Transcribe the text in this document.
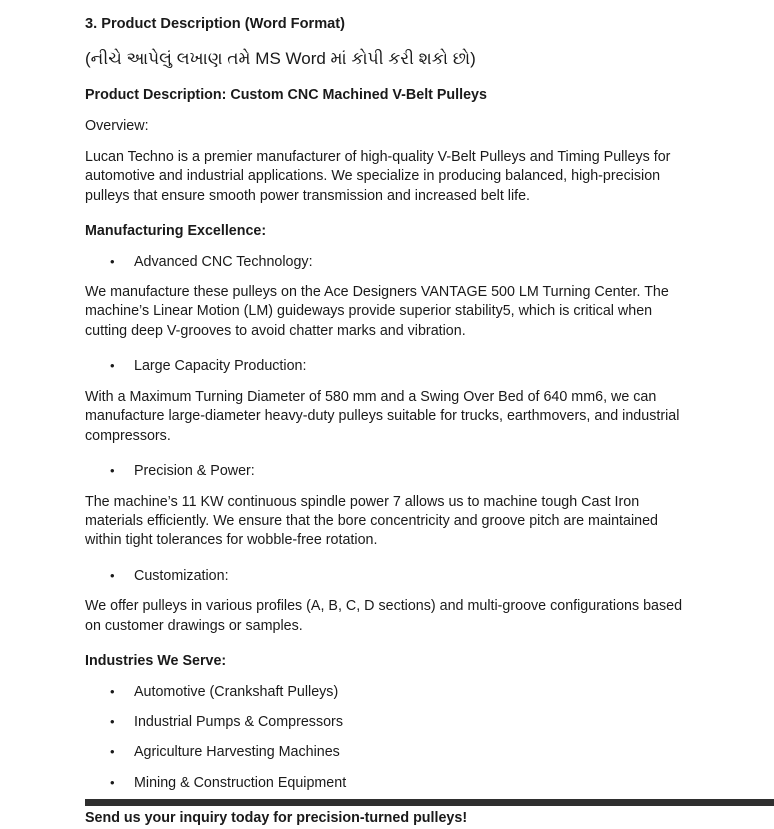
3. Product Description (Word Format)
(નીચે આપેલું લખાણ તમે MS Word માં કોપી કરી શકો છો)
Product Description: Custom CNC Machined V-Belt Pulleys
Overview:
Lucan Techno is a premier manufacturer of high-quality V-Belt Pulleys and Timing Pulleys for automotive and industrial applications. We specialize in producing balanced, high-precision pulleys that ensure smooth power transmission and increased belt life.
Manufacturing Excellence:
•	Advanced CNC Technology:
We manufacture these pulleys on the Ace Designers VANTAGE 500 LM Turning Center. The machine’s Linear Motion (LM) guideways provide superior stability5, which is critical when cutting deep V-grooves to avoid chatter marks and vibration.
•	Large Capacity Production:
With a Maximum Turning Diameter of 580 mm and a Swing Over Bed of 640 mm6, we can manufacture large-diameter heavy-duty pulleys suitable for trucks, earthmovers, and industrial compressors.
•	Precision & Power:
The machine’s 11 KW continuous spindle power 7 allows us to machine tough Cast Iron materials efficiently. We ensure that the bore concentricity and groove pitch are maintained within tight tolerances for wobble-free rotation.
•	Customization:
We offer pulleys in various profiles (A, B, C, D sections) and multi-groove configurations based on customer drawings or samples.
Industries We Serve:
•	Automotive (Crankshaft Pulleys)
•	Industrial Pumps & Compressors
•	Agriculture Harvesting Machines
•	Mining & Construction Equipment
Send us your inquiry today for precision-turned pulleys!
